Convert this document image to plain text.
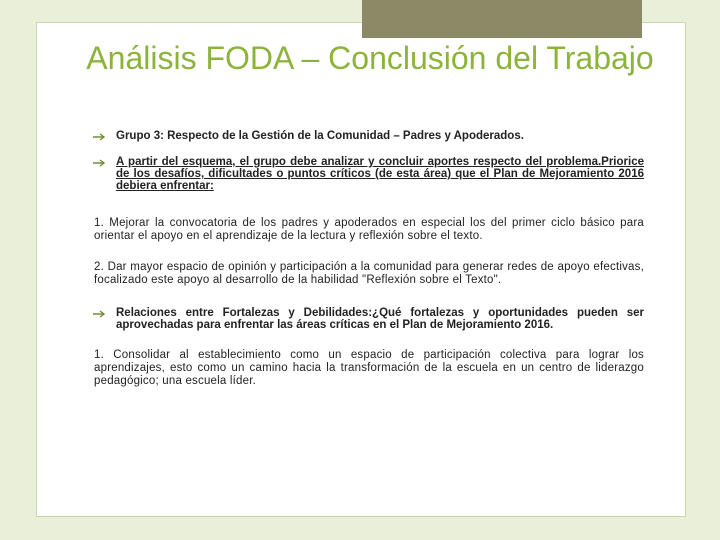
Análisis FODA – Conclusión del Trabajo
Grupo 3: Respecto de la Gestión de la Comunidad – Padres y Apoderados.
A partir del esquema, el grupo debe analizar y concluir aportes respecto del problema.Priorice de los desafíos, dificultades o puntos críticos (de esta área) que el Plan de Mejoramiento 2016 debiera enfrentar:

1. Mejorar la convocatoria de los padres y apoderados en especial los del primer ciclo básico para orientar el apoyo en el aprendizaje de la lectura y reflexión sobre el texto.

2. Dar mayor espacio de opinión y participación a la comunidad para generar redes de apoyo efectivas, focalizado este apoyo al desarrollo de la habilidad "Reflexión sobre el Texto".

Relaciones entre Fortalezas y Debilidades:¿Qué fortalezas y oportunidades pueden ser aprovechadas para enfrentar las áreas críticas en el Plan de Mejoramiento 2016.

1. Consolidar al establecimiento como un espacio de participación colectiva para lograr los aprendizajes, esto como un camino hacia la transformación de la escuela en un centro de liderazgo pedagógico; una escuela líder.
